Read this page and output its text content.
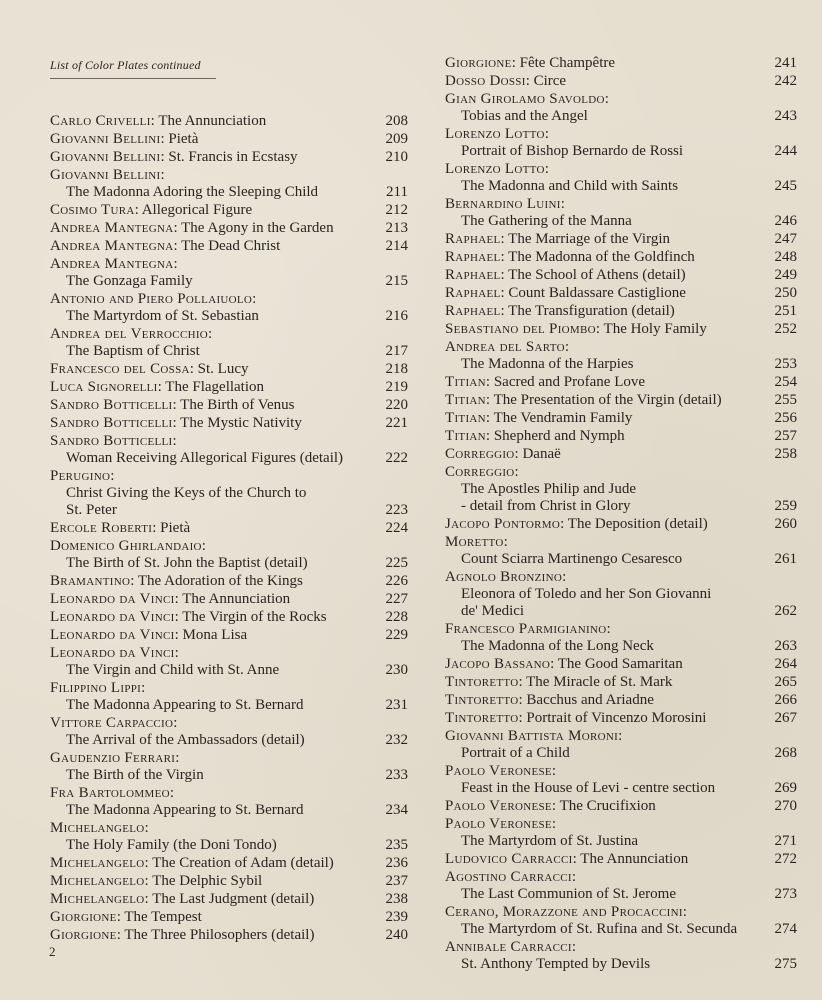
List of Color Plates continued
Carlo Crivelli: The Annunciation	208
Giovanni Bellini: Pietà	209
Giovanni Bellini: St. Francis in Ecstasy	210
Giovanni Bellini:
The Madonna Adoring the Sleeping Child	211
Cosimo Tura: Allegorical Figure	212
Andrea Mantegna: The Agony in the Garden	213
Andrea Mantegna: The Dead Christ	214
Andrea Mantegna:
The Gonzaga Family	215
Antonio and Piero Pollaiuolo:
The Martyrdom of St. Sebastian	216
Andrea del Verrocchio:
The Baptism of Christ	217
Francesco del Cossa: St. Lucy	218
Luca Signorelli: The Flagellation	219
Sandro Botticelli: The Birth of Venus	220
Sandro Botticelli: The Mystic Nativity	221
Sandro Botticelli:
Woman Receiving Allegorical Figures (detail)	222
Perugino:
Christ Giving the Keys of the Church to
St. Peter	223
Ercole Roberti: Pietà	224
Domenico Ghirlandaio:
The Birth of St. John the Baptist (detail)	225
Bramantino: The Adoration of the Kings	226
Leonardo da Vinci: The Annunciation	227
Leonardo da Vinci: The Virgin of the Rocks	228
Leonardo da Vinci: Mona Lisa	229
Leonardo da Vinci:
The Virgin and Child with St. Anne	230
Filippino Lippi:
The Madonna Appearing to St. Bernard	231
Vittore Carpaccio:
The Arrival of the Ambassadors (detail)	232
Gaudenzio Ferrari:
The Birth of the Virgin	233
Fra Bartolommeo:
The Madonna Appearing to St. Bernard	234
Michelangelo:
The Holy Family (the Doni Tondo)	235
Michelangelo: The Creation of Adam (detail)	236
Michelangelo: The Delphic Sybil	237
Michelangelo: The Last Judgment (detail)	238
Giorgione: The Tempest	239
Giorgione: The Three Philosophers (detail)	240
Giorgione: Fête Champêtre	241
Dosso Dossi: Circe	242
Gian Girolamo Savoldo:
Tobias and the Angel	243
Lorenzo Lotto:
Portrait of Bishop Bernardo de Rossi	244
Lorenzo Lotto:
The Madonna and Child with Saints	245
Bernardino Luini:
The Gathering of the Manna	246
Raphael: The Marriage of the Virgin	247
Raphael: The Madonna of the Goldfinch	248
Raphael: The School of Athens (detail)	249
Raphael: Count Baldassare Castiglione	250
Raphael: The Transfiguration (detail)	251
Sebastiano del Piombo: The Holy Family	252
Andrea del Sarto:
The Madonna of the Harpies	253
Titian: Sacred and Profane Love	254
Titian: The Presentation of the Virgin (detail)	255
Titian: The Vendramin Family	256
Titian: Shepherd and Nymph	257
Correggio: Danaë	258
Correggio:
The Apostles Philip and Jude
- detail from Christ in Glory	259
Jacopo Pontormo: The Deposition (detail)	260
Moretto:
Count Sciarra Martinengo Cesaresco	261
Agnolo Bronzino:
Eleonora of Toledo and her Son Giovanni
de' Medici	262
Francesco Parmigianino:
The Madonna of the Long Neck	263
Jacopo Bassano: The Good Samaritan	264
Tintoretto: The Miracle of St. Mark	265
Tintoretto: Bacchus and Ariadne	266
Tintoretto: Portrait of Vincenzo Morosini	267
Giovanni Battista Moroni:
Portrait of a Child	268
Paolo Veronese:
Feast in the House of Levi - centre section	269
Paolo Veronese: The Crucifixion	270
Paolo Veronese:
The Martyrdom of St. Justina	271
Ludovico Carracci: The Annunciation	272
Agostino Carracci:
The Last Communion of St. Jerome	273
Cerano, Morazzone and Procaccini:
The Martyrdom of St. Rufina and St. Secunda	274
Annibale Carracci:
St. Anthony Tempted by Devils	275
2
